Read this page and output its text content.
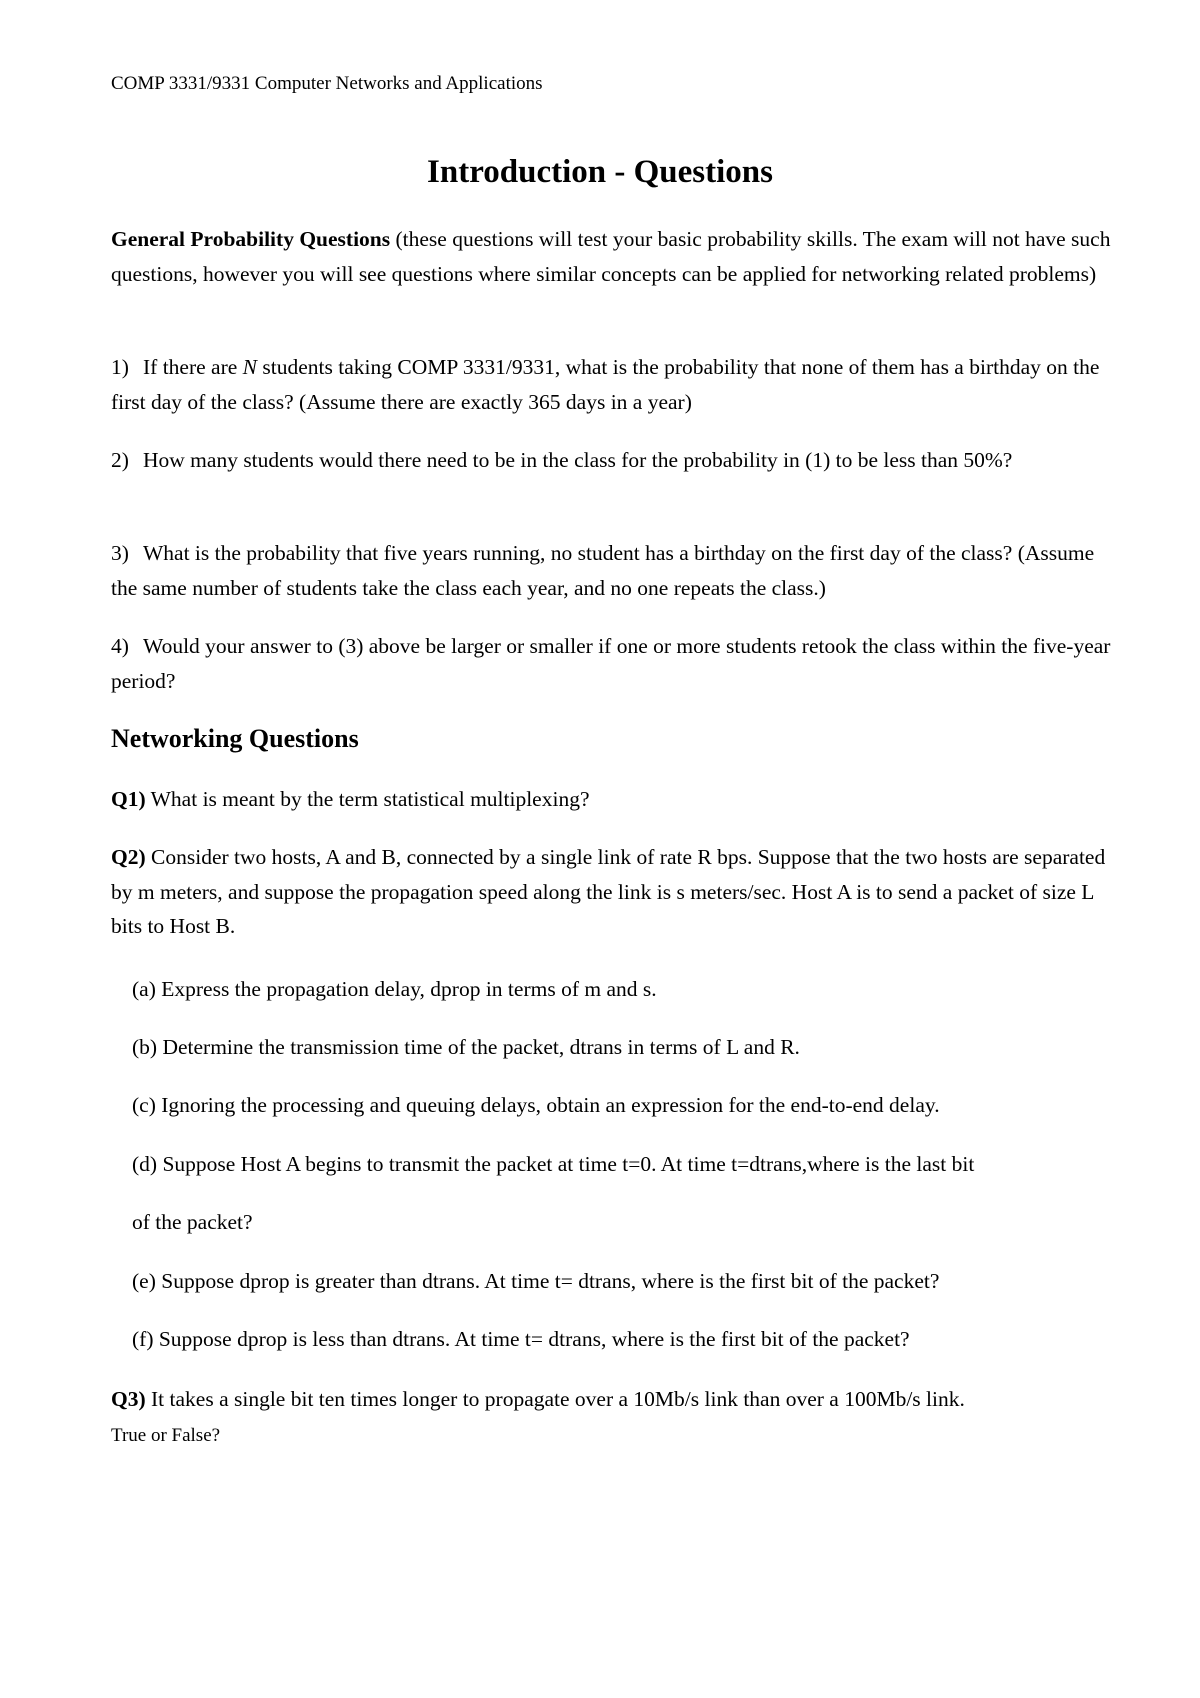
COMP 3331/9331 Computer Networks and Applications
Introduction - Questions
General Probability Questions (these questions will test your basic probability skills. The exam will not have such questions, however you will see questions where similar concepts can be applied for networking related problems)
1) If there are N students taking COMP 3331/9331, what is the probability that none of them has a birthday on the first day of the class? (Assume there are exactly 365 days in a year)
2) How many students would there need to be in the class for the probability in (1) to be less than 50%?
3) What is the probability that five years running, no student has a birthday on the first day of the class? (Assume the same number of students take the class each year, and no one repeats the class.)
4) Would your answer to (3) above be larger or smaller if one or more students retook the class within the five-year period?
Networking Questions
Q1) What is meant by the term statistical multiplexing?
Q2) Consider two hosts, A and B, connected by a single link of rate R bps. Suppose that the two hosts are separated by m meters, and suppose the propagation speed along the link is s meters/sec. Host A is to send a packet of size L bits to Host B.
(a) Express the propagation delay, dprop in terms of m and s.
(b) Determine the transmission time of the packet, dtrans in terms of L and R.
(c) Ignoring the processing and queuing delays, obtain an expression for the end-to-end delay.
(d) Suppose Host A begins to transmit the packet at time t=0. At time t=dtrans,where is the last bit
of the packet?
(e) Suppose dprop is greater than dtrans. At time t= dtrans, where is the first bit of the packet?
(f) Suppose dprop is less than dtrans. At time t= dtrans, where is the first bit of the packet?
Q3) It takes a single bit ten times longer to propagate over a 10Mb/s link than over a 100Mb/s link.
True or False?
